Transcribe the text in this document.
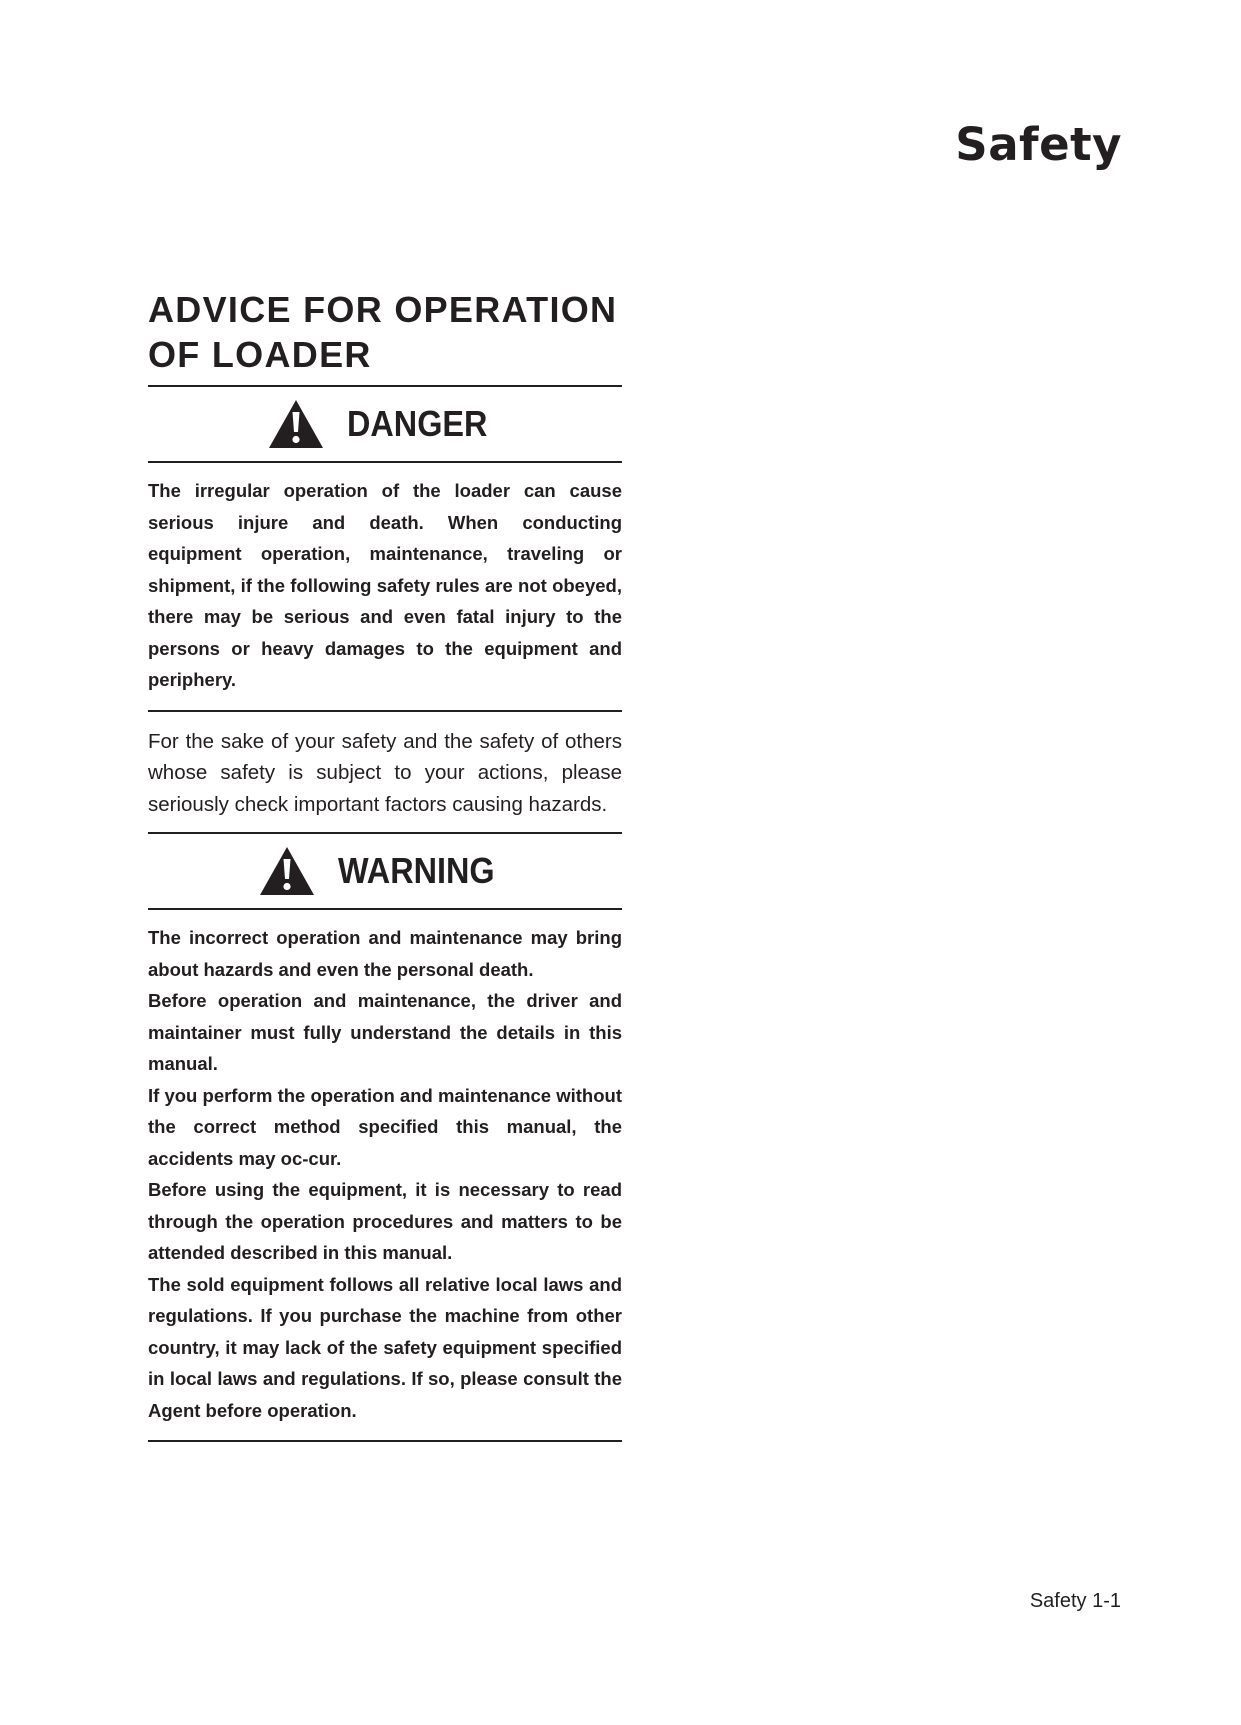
Safety
ADVICE FOR OPERATION OF LOADER
DANGER

The irregular operation of the loader can cause serious injure and death. When conducting equipment operation, maintenance, traveling or shipment, if the following safety rules are not obeyed, there may be serious and even fatal injury to the persons or heavy damages to the equipment and periphery.

For the sake of your safety and the safety of others whose safety is subject to your actions, please seriously check important factors causing hazards.

WARNING

The incorrect operation and maintenance may bring about hazards and even the personal death.

Before operation and maintenance, the driver and maintainer must fully understand the details in this manual.

If you perform the operation and maintenance without the correct method specified this manual, the accidents may oc-cur.

Before using the equipment, it is necessary to read through the operation procedures and matters to be attended described in this manual.

The sold equipment follows all relative local laws and regulations. If you purchase the machine from other country, it may lack of the safety equipment specified in local laws and regulations. If so, please consult the Agent before operation.

Safety 1-1
